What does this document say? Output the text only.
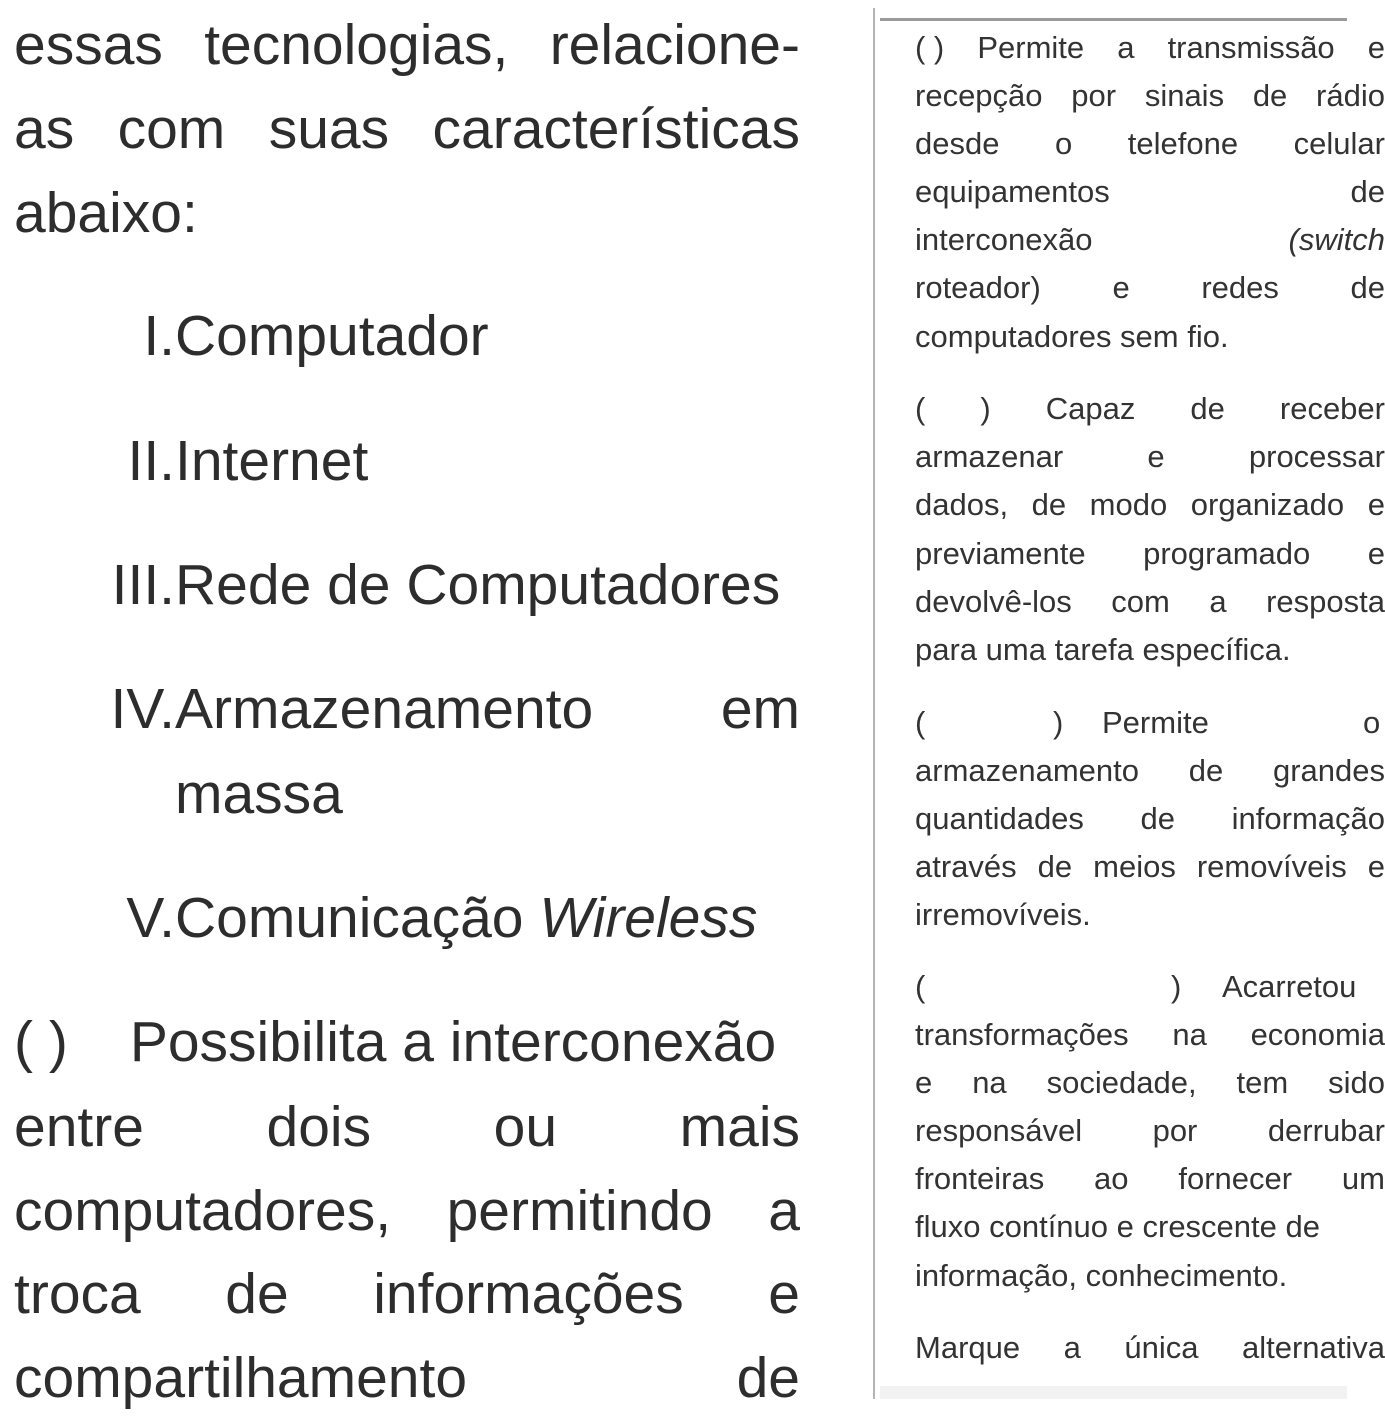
essas tecnologias, relacione-
as com suas características
abaixo:
I. Computador
II. Internet
III. Rede de Computadores
IV. Armazenamento em
massa
V. Comunicação Wireless
( ) Possibilita a interconexão
entre dois ou mais
computadores, permitindo a
troca de informações e
compartilhamento	de
( ) Permite a transmissão e
recepção por sinais de rádio
desde o telefone celular
equipamentos	de
interconexão	(switch
roteador) e redes de
computadores sem fio.
( ) Capaz de receber
armazenar	e	processar
dados, de modo organizado e
previamente programado e
devolvê-los com a resposta
para uma tarefa específica.
(	) Permite	o
armazenamento de grandes
quantidades de informação
através de meios removíveis e
irremovíveis.
(	) Acarretou
transformações na economia
e na sociedade, tem sido
responsável por derrubar
fronteiras ao fornecer um
fluxo contínuo e crescente de
informação, conhecimento.
Marque a única alternativa
